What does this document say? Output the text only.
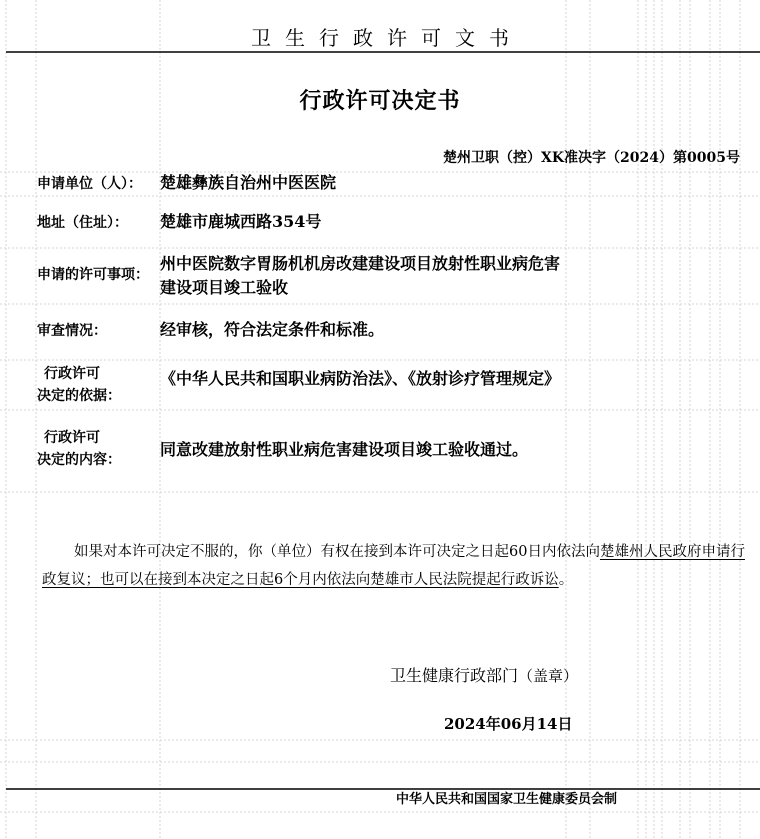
卫生行政许可文书
行政许可决定书
楚州卫职（控）XK准决字（2024）第0005号
申请单位（人）： 楚雄彝族自治州中医医院
地址（住址）： 楚雄市鹿城西路354号
申请的许可事项：
州中医院数字胃肠机机房改建建设项目放射性职业病危害
建设项目竣工验收
审查情况：	经审核，符合法定条件和标准。
行政许可
决定的依据：
《中华人民共和国职业病防治法》、《放射诊疗管理规定》
行政许可
决定的内容：
同意改建放射性职业病危害建设项目竣工验收通过。
如果对本许可决定不服的，你（单位）有权在接到本许可决定之日起60日内依法向楚雄州人民政府申请行政复议；也可以在接到本决定之日起6个月内依法向楚雄市人民法院提起行政诉讼。
卫生健康行政部门（盖章）
2024年06月14日
中华人民共和国国家卫生健康委员会制
